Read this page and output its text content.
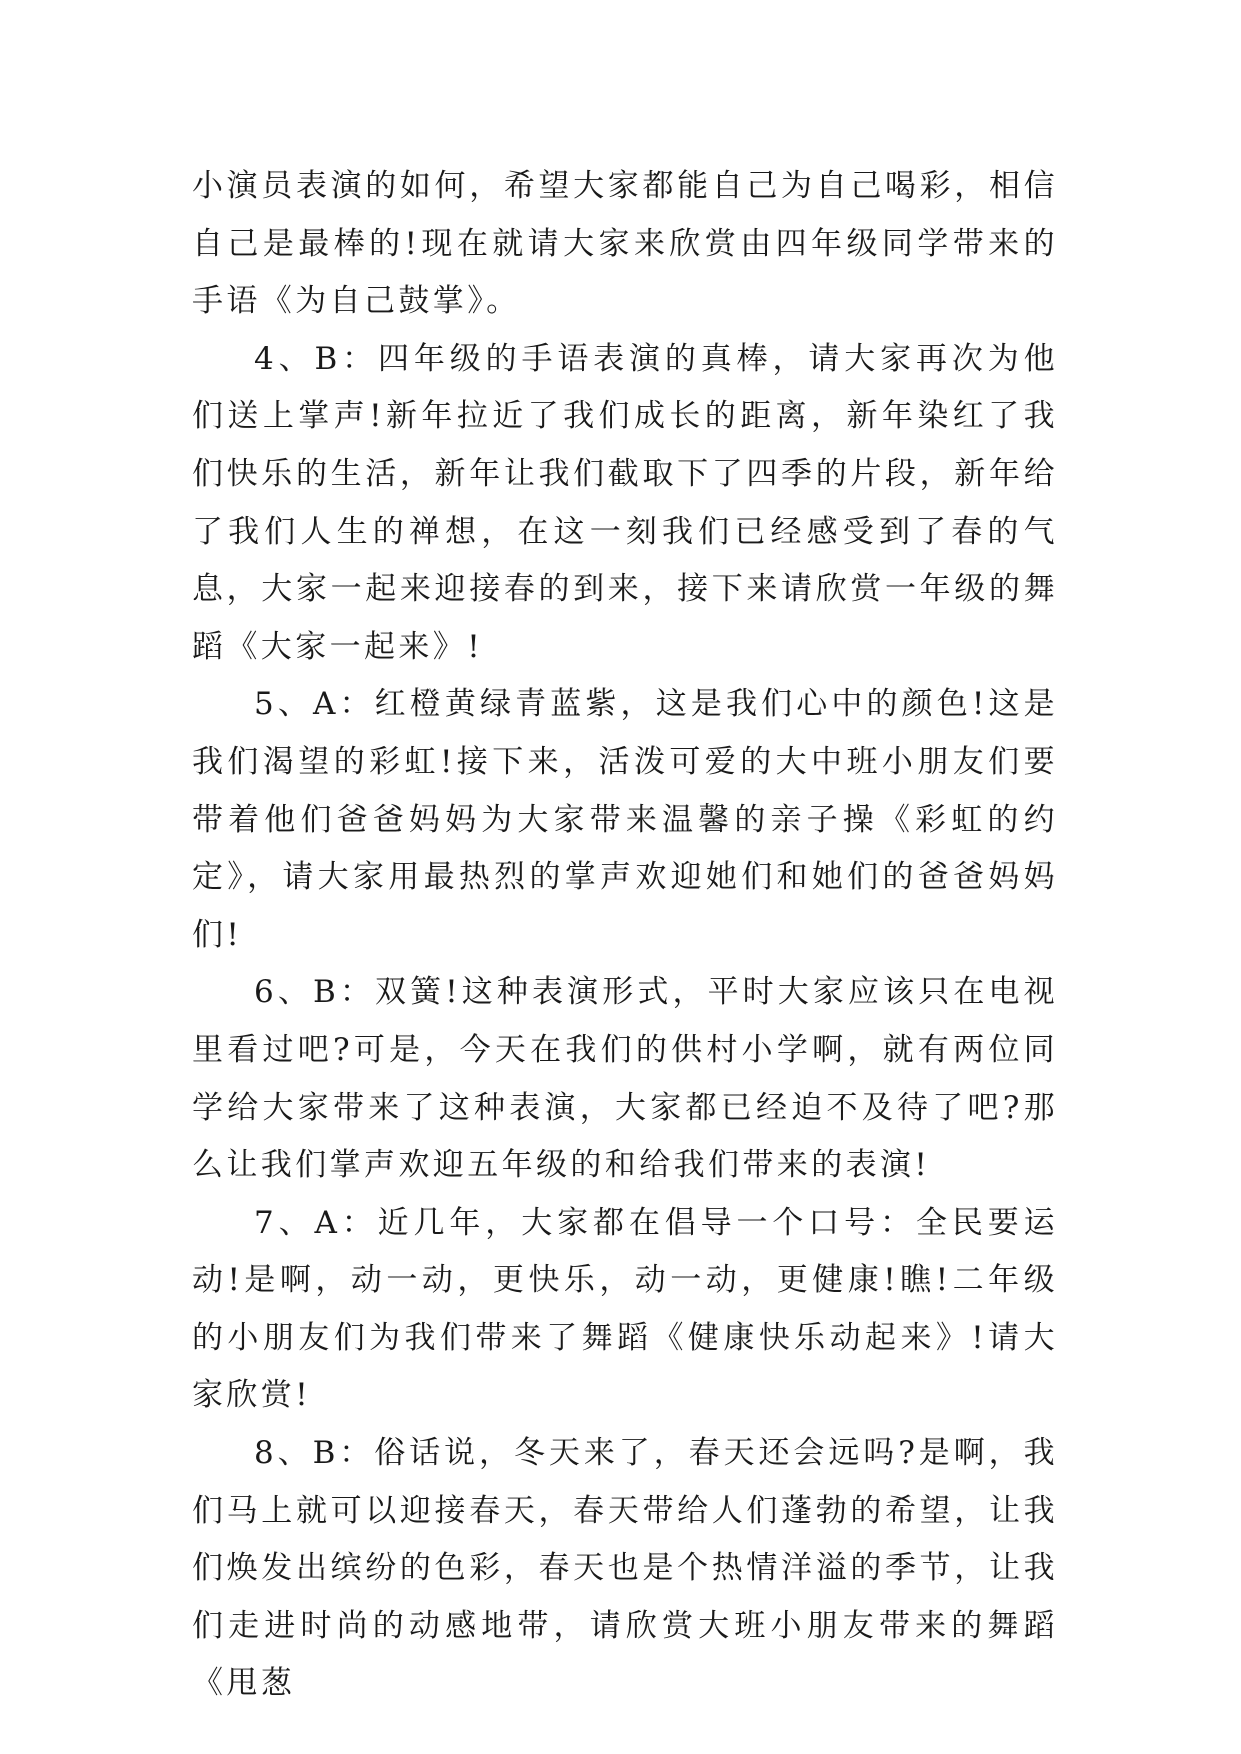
小演员表演的如何，希望大家都能自己为自己喝彩，相信自己是最棒的!现在就请大家来欣赏由四年级同学带来的手语《为自己鼓掌》。

4、B：四年级的手语表演的真棒，请大家再次为他们送上掌声!新年拉近了我们成长的距离，新年染红了我们快乐的生活，新年让我们截取下了四季的片段，新年给了我们人生的禅想，在这一刻我们已经感受到了春的气息，大家一起来迎接春的到来，接下来请欣赏一年级的舞蹈《大家一起来》!

5、A：红橙黄绿青蓝紫，这是我们心中的颜色!这是我们渴望的彩虹!接下来，活泼可爱的大中班小朋友们要带着他们爸爸妈妈为大家带来温馨的亲子操《彩虹的约定》，请大家用最热烈的掌声欢迎她们和她们的爸爸妈妈们!

6、B：双簧!这种表演形式，平时大家应该只在电视里看过吧?可是，今天在我们的供村小学啊，就有两位同学给大家带来了这种表演，大家都已经迫不及待了吧?那么让我们掌声欢迎五年级的和给我们带来的表演!

7、A：近几年，大家都在倡导一个口号：全民要运动!是啊，动一动，更快乐，动一动，更健康!瞧!二年级的小朋友们为我们带来了舞蹈《健康快乐动起来》!请大家欣赏!

8、B：俗话说，冬天来了，春天还会远吗?是啊，我们马上就可以迎接春天，春天带给人们蓬勃的希望，让我们焕发出缤纷的色彩，春天也是个热情洋溢的季节，让我们走进时尚的动感地带，请欣赏大班小朋友带来的舞蹈《甩葱
